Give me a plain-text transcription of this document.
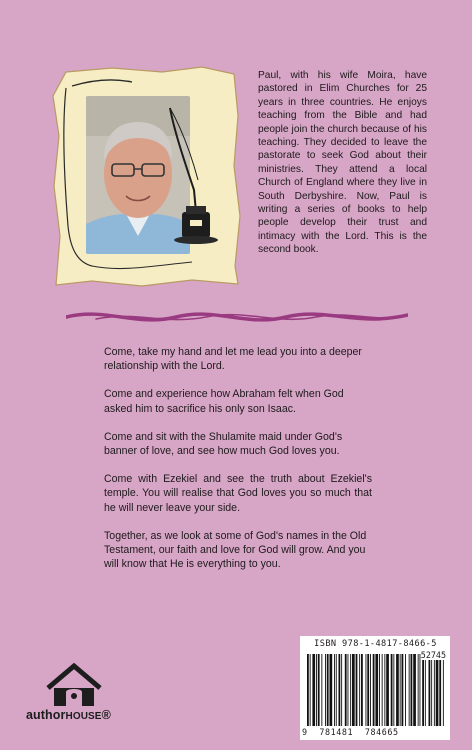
Paul, with his wife Moira, have pastored in Elim Churches for 25 years in three countries. He enjoys teaching from the Bible and had people join the church because of his teaching. They decided to leave the pastorate to seek God about their ministries. They attend a local Church of England where they live in South Derbyshire. Now, Paul is writing a series of books to help people develop their trust and intimacy with the Lord. This is the second book.

Come, take my hand and let me lead you into a deeper relationship with the Lord.

Come and experience how Abraham felt when God asked him to sacrifice his only son Isaac.

Come and sit with the Shulamite maid under God's banner of love, and see how much God loves you.

Come with Ezekiel and see the truth about Ezekiel's temple. You will realise that God loves you so much that he will never leave your side.

Together, as we look at some of God's names in the Old Testament, our faith and love for God will grow. And you will know that He is everything to you.

authorHOUSE®
ISBN 978-1-4817-8466-5
9 781481 784665
52745
